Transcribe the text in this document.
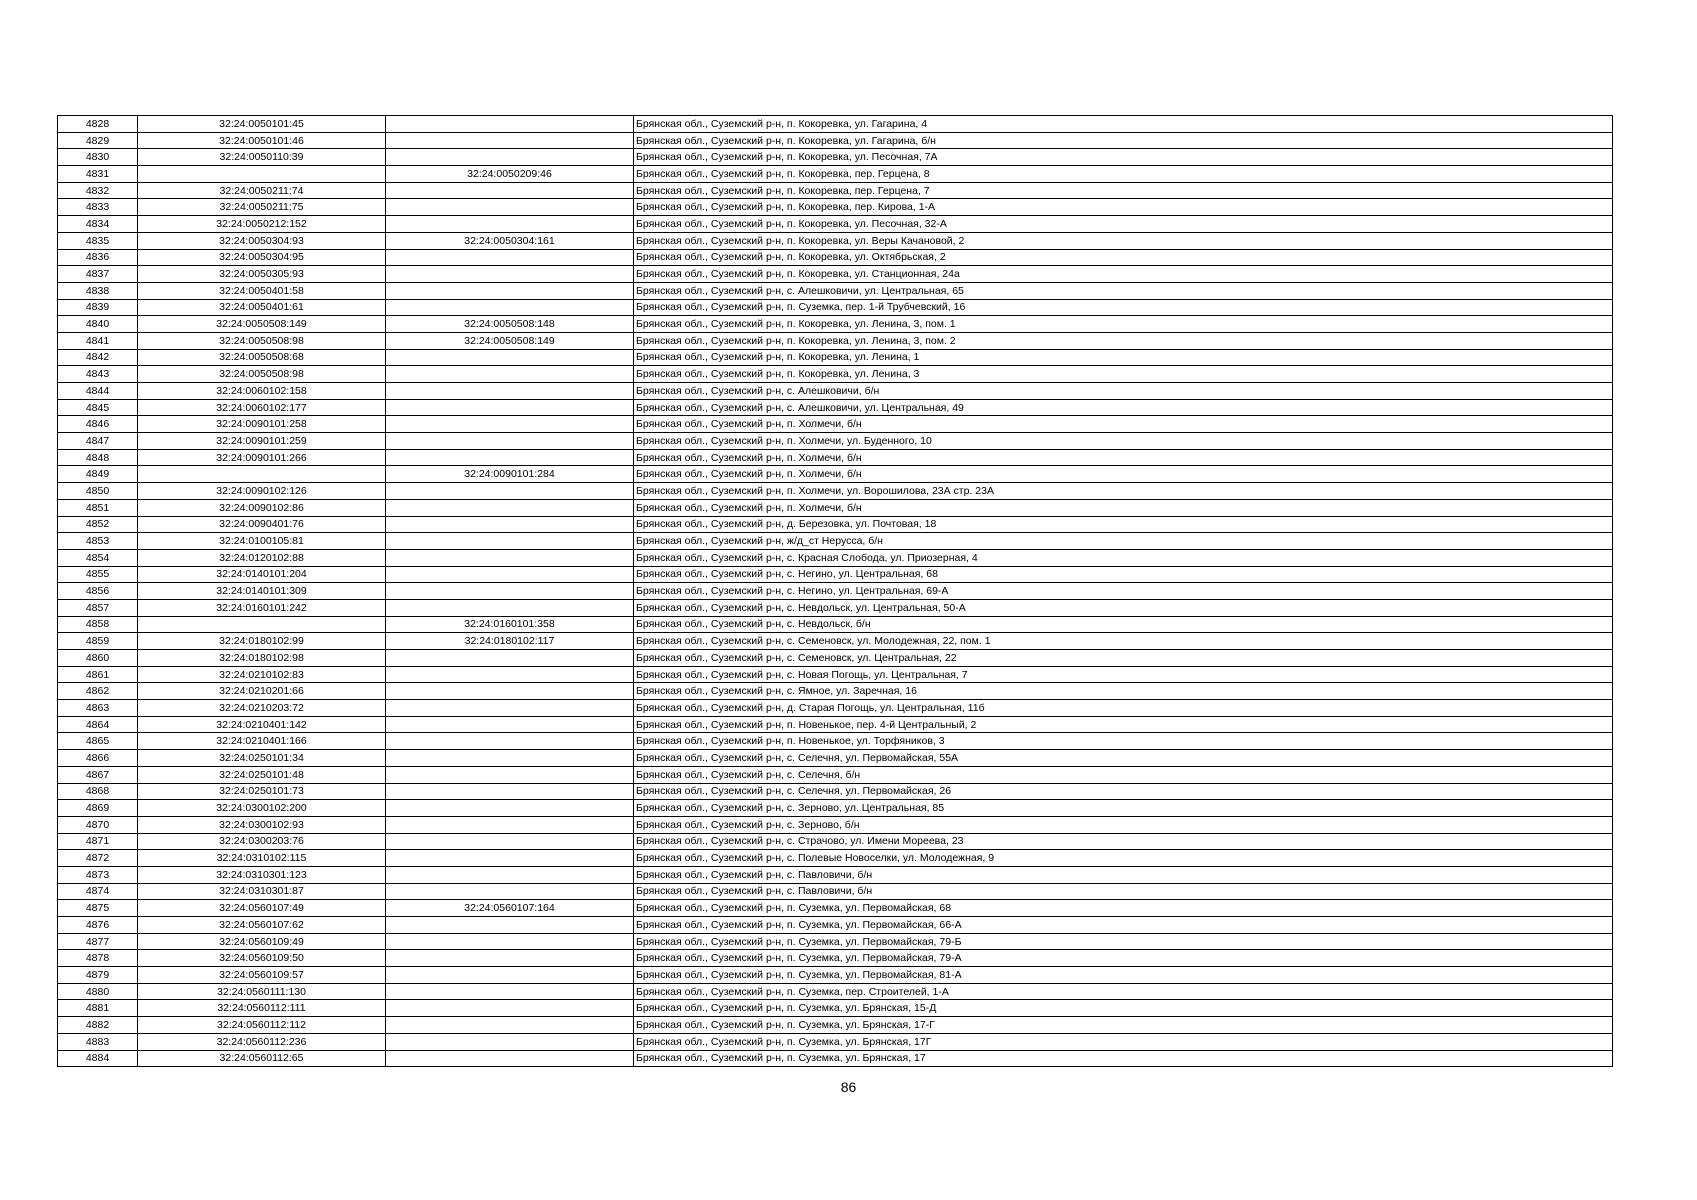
4828	32:24:0050101:45		Брянская обл., Суземский р-н, п. Кокоревка, ул. Гагарина, 4
4829	32:24:0050101:46		Брянская обл., Суземский р-н, п. Кокоревка, ул. Гагарина, б/н
4830	32:24:0050110:39		Брянская обл., Суземский р-н, п. Кокоревка, ул. Песочная, 7А
4831		32:24:0050209:46	Брянская обл., Суземский р-н, п. Кокоревка, пер. Герцена, 8
4832	32:24:0050211:74		Брянская обл., Суземский р-н, п. Кокоревка, пер. Герцена, 7
4833	32:24:0050211:75		Брянская обл., Суземский р-н, п. Кокоревка, пер. Кирова, 1-А
4834	32:24:0050212:152		Брянская обл., Суземский р-н, п. Кокоревка, ул. Песочная, 32-А
4835	32:24:0050304:93	32:24:0050304:161	Брянская обл., Суземский р-н, п. Кокоревка, ул. Веры Качановой, 2
4836	32:24:0050304:95		Брянская обл., Суземский р-н, п. Кокоревка, ул. Октябрьская, 2
4837	32:24:0050305:93		Брянская обл., Суземский р-н, п. Кокоревка, ул. Станционная, 24а
4838	32:24:0050401:58		Брянская обл., Суземский р-н, с. Алешковичи, ул. Центральная, 65
4839	32:24:0050401:61		Брянская обл., Суземский р-н, п. Суземка, пер. 1-й Трубчевский, 16
4840	32:24:0050508:149	32:24:0050508:148	Брянская обл., Суземский р-н, п. Кокоревка, ул. Ленина, 3, пом. 1
4841	32:24:0050508:98	32:24:0050508:149	Брянская обл., Суземский р-н, п. Кокоревка, ул. Ленина, 3, пом. 2
4842	32:24:0050508:68		Брянская обл., Суземский р-н, п. Кокоревка, ул. Ленина, 1
4843	32:24:0050508:98		Брянская обл., Суземский р-н, п. Кокоревка, ул. Ленина, 3
4844	32:24:0060102:158		Брянская обл., Суземский р-н, с. Алешковичи, б/н
4845	32:24:0060102:177		Брянская обл., Суземский р-н, с. Алешковичи, ул. Центральная, 49
4846	32:24:0090101:258		Брянская обл., Суземский р-н, п. Холмечи, б/н
4847	32:24:0090101:259		Брянская обл., Суземский р-н, п. Холмечи, ул. Буденного, 10
4848	32:24:0090101:266		Брянская обл., Суземский р-н, п. Холмечи, б/н
4849		32:24:0090101:284	Брянская обл., Суземский р-н, п. Холмечи, б/н
4850	32:24:0090102:126		Брянская обл., Суземский р-н, п. Холмечи, ул. Ворошилова, 23А стр. 23А
4851	32:24:0090102:86		Брянская обл., Суземский р-н, п. Холмечи, б/н
4852	32:24:0090401:76		Брянская обл., Суземский р-н, д. Березовка, ул. Почтовая, 18
4853	32:24:0100105:81		Брянская обл., Суземский р-н, ж/д_ст Нерусса, б/н
4854	32:24:0120102:88		Брянская обл., Суземский р-н, с. Красная Слобода, ул. Приозерная, 4
4855	32:24:0140101:204		Брянская обл., Суземский р-н, с. Негино, ул. Центральная, 68
4856	32:24:0140101:309		Брянская обл., Суземский р-н, с. Негино, ул. Центральная, 69-А
4857	32:24:0160101:242		Брянская обл., Суземский р-н, с. Невдольск, ул. Центральная, 50-А
4858		32:24:0160101:358	Брянская обл., Суземский р-н, с. Невдольск, б/н
4859	32:24:0180102:99	32:24:0180102:117	Брянская обл., Суземский р-н, с. Семеновск, ул. Молодежная, 22, пом. 1
4860	32:24:0180102:98		Брянская обл., Суземский р-н, с. Семеновск, ул. Центральная, 22
4861	32:24:0210102:83		Брянская обл., Суземский р-н, с. Новая Погощь, ул. Центральная, 7
4862	32:24:0210201:66		Брянская обл., Суземский р-н, с. Ямное, ул. Заречная, 16
4863	32:24:0210203:72		Брянская обл., Суземский р-н, д. Старая Погощь, ул. Центральная, 11б
4864	32:24:0210401:142		Брянская обл., Суземский р-н, п. Новенькое, пер. 4-й Центральный, 2
4865	32:24:0210401:166		Брянская обл., Суземский р-н, п. Новенькое, ул. Торфяников, 3
4866	32:24:0250101:34		Брянская обл., Суземский р-н, с. Селечня, ул. Первомайская, 55А
4867	32:24:0250101:48		Брянская обл., Суземский р-н, с. Селечня, б/н
4868	32:24:0250101:73		Брянская обл., Суземский р-н, с. Селечня, ул. Первомайская, 26
4869	32:24:0300102:200		Брянская обл., Суземский р-н, с. Зерново, ул. Центральная, 85
4870	32:24:0300102:93		Брянская обл., Суземский р-н, с. Зерново, б/н
4871	32:24:0300203:76		Брянская обл., Суземский р-н, с. Страчово, ул. Имени Мореева, 23
4872	32:24:0310102:115		Брянская обл., Суземский р-н, с. Полевые Новоселки, ул. Молодежная, 9
4873	32:24:0310301:123		Брянская обл., Суземский р-н, с. Павловичи, б/н
4874	32:24:0310301:87		Брянская обл., Суземский р-н, с. Павловичи, б/н
4875	32:24:0560107:49	32:24:0560107:164	Брянская обл., Суземский р-н, п. Суземка, ул. Первомайская, 68
4876	32:24:0560107:62		Брянская обл., Суземский р-н, п. Суземка, ул. Первомайская, 66-А
4877	32:24:0560109:49		Брянская обл., Суземский р-н, п. Суземка, ул. Первомайская, 79-Б
4878	32:24:0560109:50		Брянская обл., Суземский р-н, п. Суземка, ул. Первомайская, 79-А
4879	32:24:0560109:57		Брянская обл., Суземский р-н, п. Суземка, ул. Первомайская, 81-А
4880	32:24:0560111:130		Брянская обл., Суземский р-н, п. Суземка, пер. Строителей, 1-А
4881	32:24:0560112:111		Брянская обл., Суземский р-н, п. Суземка, ул. Брянская, 15-Д
4882	32:24:0560112:112		Брянская обл., Суземский р-н, п. Суземка, ул. Брянская, 17-Г
4883	32:24:0560112:236		Брянская обл., Суземский р-н, п. Суземка, ул. Брянская, 17Г
4884	32:24:0560112:65		Брянская обл., Суземский р-н, п. Суземка, ул. Брянская, 17
86
